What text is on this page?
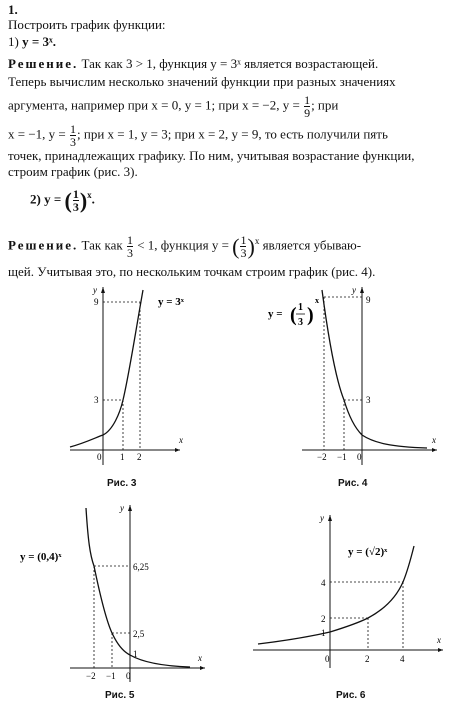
1.
Построить график функции:
1) y = 3ˣ.
Решение. Так как 3 > 1, функция y = 3ˣ является возрастающей.
Теперь вычислим несколько значений функции при разных значениях
аргумента, например при x = 0, y = 1; при x = −2, $y = \frac{1}{9}$ ; при
x = −1, $y = \frac{1}{3}$ ; при x = 1, y = 3; при x = 2, y = 9, то есть получили пять
точек, принадлежащих графику. По ним, учитывая возрастание функции,
строим график (рис. 3).
2) y = ( $\frac{1}{3} )^x$.
Решение. Так как $\frac{1}{3} < 1$, функция y = ( $\frac{1}{3} )^x$ является убываю-
щей. Учитывая это, по нескольким точкам строим график (рис. 4).
x
y
0 1 2
3
9	y = 3ˣ
Рис. 3
x
y
−2 −1 0
3
9
y = ( 1
3 )
x
Рис. 4
x
y
−2 −1 0
6,25
2,5
1
y = (0,4)ˣ
Рис. 5
x
y
0	2	4
4
2
1
y = (√2)ˣ
Рис. 6
